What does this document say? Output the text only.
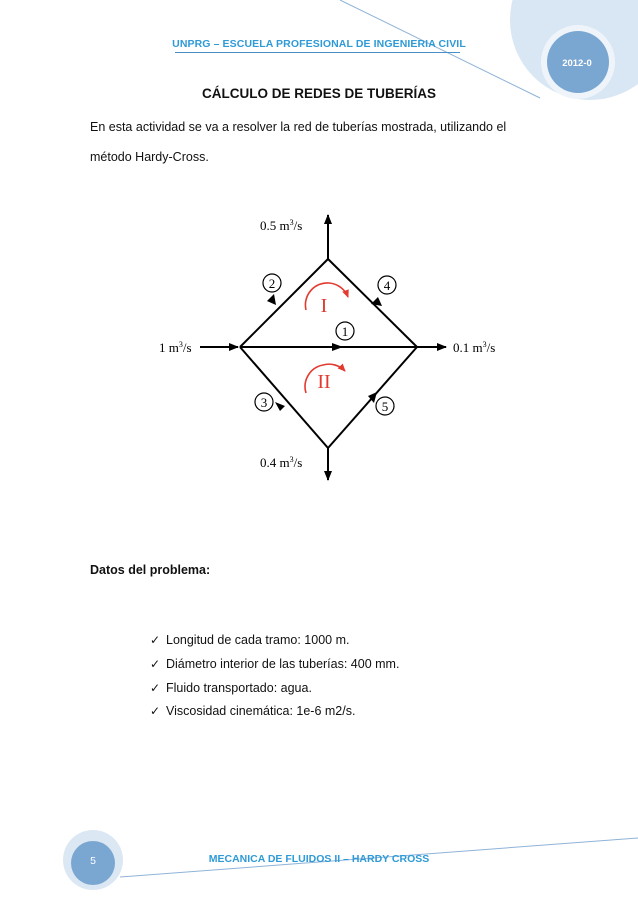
UNPRG – ESCUELA PROFESIONAL DE INGENIERIA CIVIL
2012-0
CÁLCULO DE REDES DE TUBERÍAS
En esta actividad se va a resolver la red de tuberías mostrada, utilizando el
método Hardy-Cross.
2	4
1
3	5
I
II
0.5 $m^3/s$
1 $m^3/s$	0.1 $m^3/s$
0.4 $m^3/s$
Datos del problema:
✓ Longitud de cada tramo: 1000 m.
✓ Diámetro interior de las tuberías: 400 mm.
✓ Fluido transportado: agua.
✓ Viscosidad cinemática: 1e-6 m2/s.
5	MECANICA DE FLUIDOS II – HARDY CROSS
